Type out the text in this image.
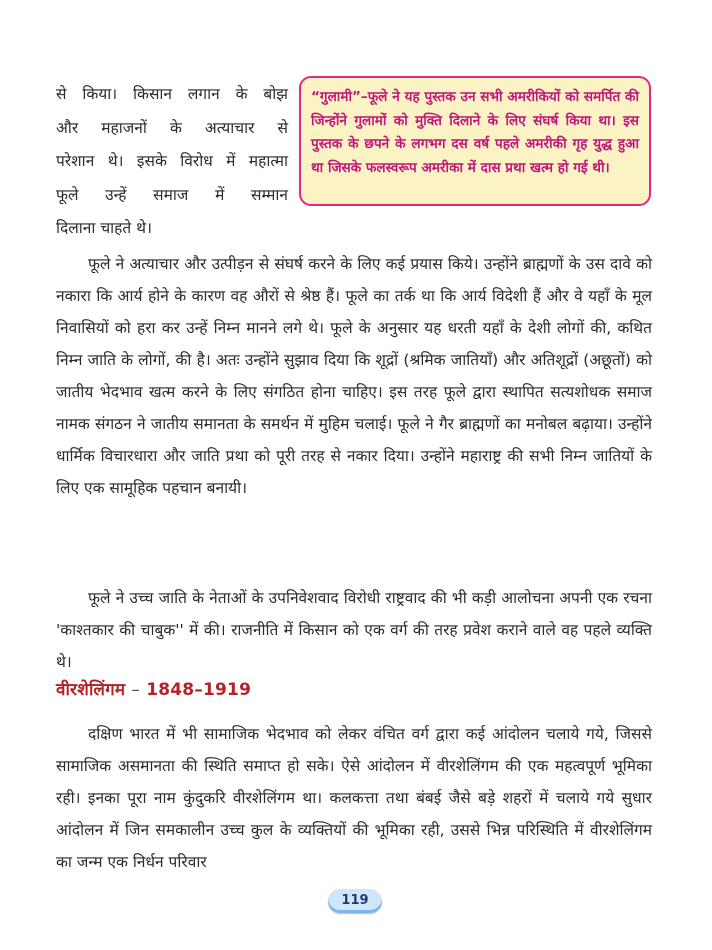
से किया। किसान लगान के बोझ
और महाजनों के अत्याचार से
परेशान थे। इसके विरोध में महात्मा
फूले उन्हें समाज में सम्मान
दिलाना चाहते थे।
“गुलामी”–फूले ने यह पुस्तक उन सभी अमरीकियों को समर्पित की जिन्होंने गुलामों को मुक्ति दिलाने के लिए संघर्ष किया था। इस पुस्तक के छपने के लगभग दस वर्ष पहले अमरीकी गृह युद्ध हुआ था जिसके फलस्वरूप अमरीका में दास प्रथा खत्म हो गई थी।

फूले ने अत्याचार और उत्पीड़न से संघर्ष करने के लिए कई प्रयास किये। उन्होंने ब्राह्मणों के उस दावे को नकारा कि आर्य होने के कारण वह औरों से श्रेष्ठ हैं। फूले का तर्क था कि आर्य विदेशी हैं और वे यहाँ के मूल निवासियों को हरा कर उन्हें निम्न मानने लगे थे। फूले के अनुसार यह धरती यहाँ के देशी लोगों की, कथित निम्न जाति के लोगों, की है। अतः उन्होंने सुझाव दिया कि शूद्रों (श्रमिक जातियाँ) और अतिशूद्रों (अछूतों) को जातीय भेदभाव खत्म करने के लिए संगठित होना चाहिए। इस तरह फूले द्वारा स्थापित सत्यशोधक समाज नामक संगठन ने जातीय समानता के समर्थन में मुहिम चलाई। फूले ने गैर ब्राह्मणों का मनोबल बढ़ाया। उन्होंने धार्मिक विचारधारा और जाति प्रथा को पूरी तरह से नकार दिया। उन्होंने महाराष्ट्र की सभी निम्न जातियों के लिए एक सामूहिक पहचान बनायी।

फूले ने उच्च जाति के नेताओं के उपनिवेशवाद विरोधी राष्ट्रवाद की भी कड़ी आलोचना अपनी एक रचना 'काश्तकार की चाबुक'' में की। राजनीति में किसान को एक वर्ग की तरह प्रवेश कराने वाले वह पहले व्यक्ति थे।

वीरशेलिंगम – 1848–1919

दक्षिण भारत में भी सामाजिक भेदभाव को लेकर वंचित वर्ग द्वारा कई आंदोलन चलाये गये, जिससे सामाजिक असमानता की स्थिति समाप्त हो सके। ऐसे आंदोलन में वीरशेलिंगम की एक महत्वपूर्ण भूमिका रही। इनका पूरा नाम कुंदुकरि वीरशेलिंगम था। कलकत्ता तथा बंबई जैसे बड़े शहरों में चलाये गये सुधार आंदोलन में जिन समकालीन उच्च कुल के व्यक्तियों की भूमिका रही, उससे भिन्न परिस्थिति में वीरशेलिंगम का जन्म एक निर्धन परिवार

119
